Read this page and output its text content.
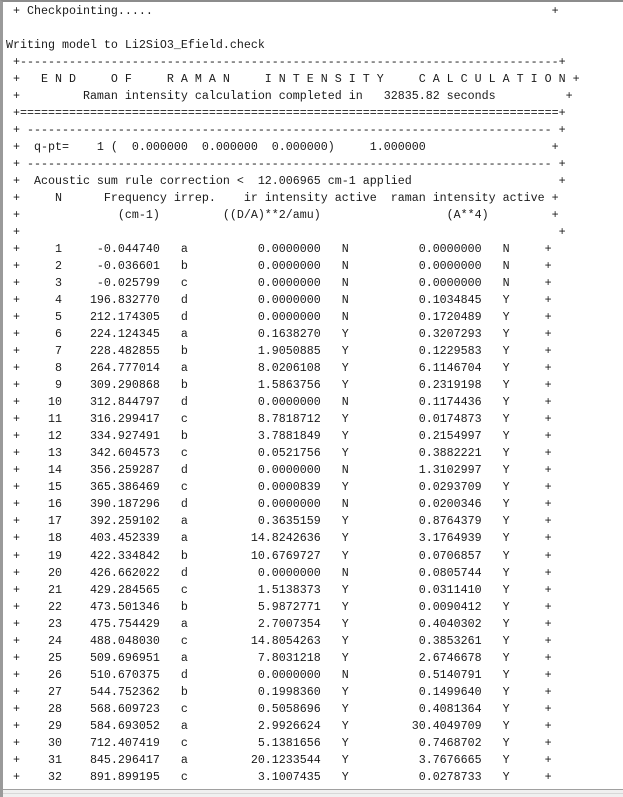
+ Checkpointing.....                                                         +
Writing model to Li2SiO3_Efield.check
+-----------------------------------------------------------------------------+
+   E N D     O F     R A M A N     I N T E N S I T Y     C A L C U L A T I O N +
+         Raman intensity calculation completed in   32835.82 seconds          +
+=============================================================================+
+ --------------------------------------------------------------------------- +
+  q-pt=    1 (  0.000000  0.000000  0.000000)     1.000000                  +
+ --------------------------------------------------------------------------- +
+  Acoustic sum rule correction <  12.006965 cm-1 applied                     +
+     N      Frequency irrep.    ir intensity active  raman intensity active +
+              (cm-1)         ((D/A)**2/amu)                  (A**4)         +
+                                                                             +
+     1     -0.044740   a          0.0000000   N          0.0000000   N     +
+     2     -0.036601   b          0.0000000   N          0.0000000   N     +
+     3     -0.025799   c          0.0000000   N          0.0000000   N     +
+     4    196.832770   d          0.0000000   N          0.1034845   Y     +
+     5    212.174305   d          0.0000000   N          0.1720489   Y     +
+     6    224.124345   a          0.1638270   Y          0.3207293   Y     +
+     7    228.482855   b          1.9050885   Y          0.1229583   Y     +
+     8    264.777014   a          8.0206108   Y          6.1146704   Y     +
+     9    309.290868   b          1.5863756   Y          0.2319198   Y     +
+    10    312.844797   d          0.0000000   N          0.1174436   Y     +
+    11    316.299417   c          8.7818712   Y          0.0174873   Y     +
+    12    334.927491   b          3.7881849   Y          0.2154997   Y     +
+    13    342.604573   c          0.0521756   Y          0.3882221   Y     +
+    14    356.259287   d          0.0000000   N          1.3102997   Y     +
+    15    365.386469   c          0.0000839   Y          0.0293709   Y     +
+    16    390.187296   d          0.0000000   N          0.0200346   Y     +
+    17    392.259102   a          0.3635159   Y          0.8764379   Y     +
+    18    403.452339   a         14.8242636   Y          3.1764939   Y     +
+    19    422.334842   b         10.6769727   Y          0.0706857   Y     +
+    20    426.662022   d          0.0000000   N          0.0805744   Y     +
+    21    429.284565   c          1.5138373   Y          0.0311410   Y     +
+    22    473.501346   b          5.9872771   Y          0.0090412   Y     +
+    23    475.754429   a          2.7007354   Y          0.4040302   Y     +
+    24    488.048030   c         14.8054263   Y          0.3853261   Y     +
+    25    509.696951   a          7.8031218   Y          2.6746678   Y     +
+    26    510.670375   d          0.0000000   N          0.5140791   Y     +
+    27    544.752362   b          0.1998360   Y          0.1499640   Y     +
+    28    568.609723   c          0.5058696   Y          0.4081364   Y     +
+    29    584.693052   a          2.9926624   Y         30.4049709   Y     +
+    30    712.407419   c          5.1381656   Y          0.7468702   Y     +
+    31    845.296417   a         20.1233544   Y          3.7676665   Y     +
+    32    891.899195   c          3.1007435   Y          0.0278733   Y     +
